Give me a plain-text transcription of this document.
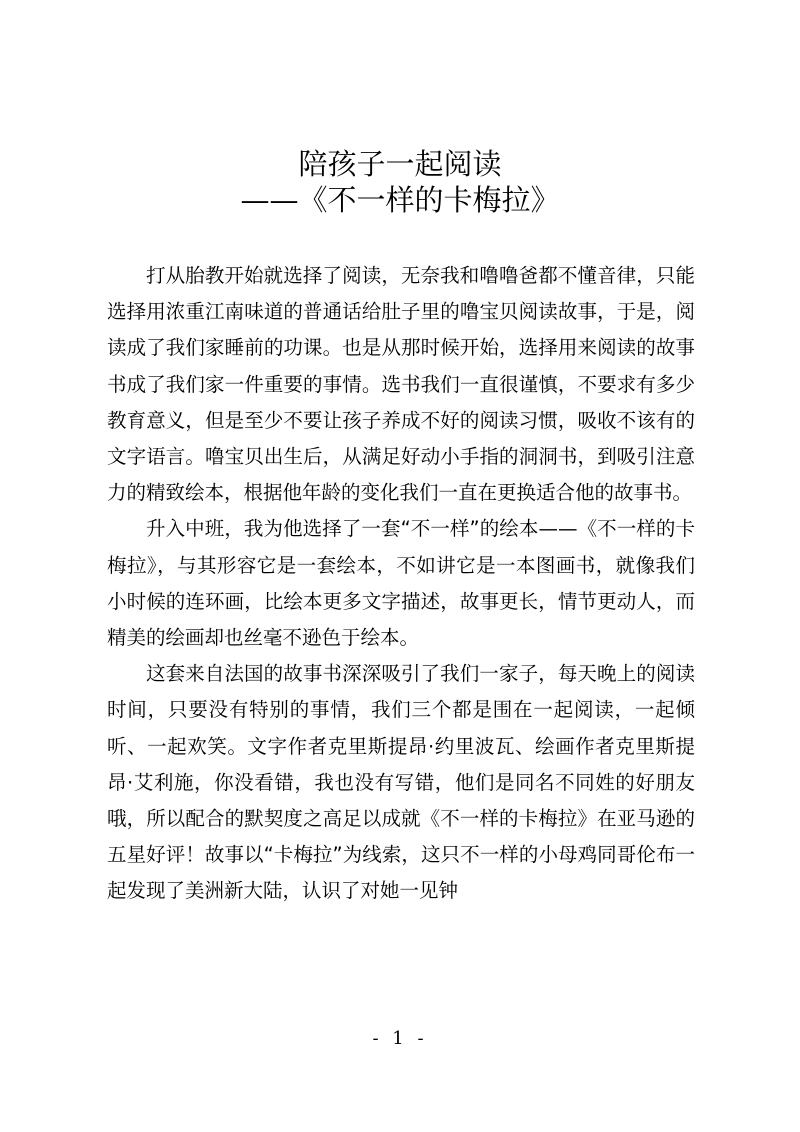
陪孩子一起阅读
——《不一样的卡梅拉》

打从胎教开始就选择了阅读，无奈我和噜噜爸都不懂音律，只能选择用浓重江南味道的普通话给肚子里的噜宝贝阅读故事，于是，阅读成了我们家睡前的功课。也是从那时候开始，选择用来阅读的故事书成了我们家一件重要的事情。选书我们一直很谨慎，不要求有多少教育意义，但是至少不要让孩子养成不好的阅读习惯，吸收不该有的文字语言。噜宝贝出生后，从满足好动小手指的洞洞书，到吸引注意力的精致绘本，根据他年龄的变化我们一直在更换适合他的故事书。

升入中班，我为他选择了一套“不一样”的绘本——《不一样的卡梅拉》，与其形容它是一套绘本，不如讲它是一本图画书，就像我们小时候的连环画，比绘本更多文字描述，故事更长，情节更动人，而精美的绘画却也丝毫不逊色于绘本。

这套来自法国的故事书深深吸引了我们一家子，每天晚上的阅读时间，只要没有特别的事情，我们三个都是围在一起阅读，一起倾听、一起欢笑。文字作者克里斯提昂·约里波瓦、绘画作者克里斯提昂·艾利施，你没看错，我也没有写错，他们是同名不同姓的好朋友哦，所以配合的默契度之高足以成就《不一样的卡梅拉》在亚马逊的五星好评！故事以“卡梅拉”为线索，这只不一样的小母鸡同哥伦布一起发现了美洲新大陆，认识了对她一见钟

- 1 -
